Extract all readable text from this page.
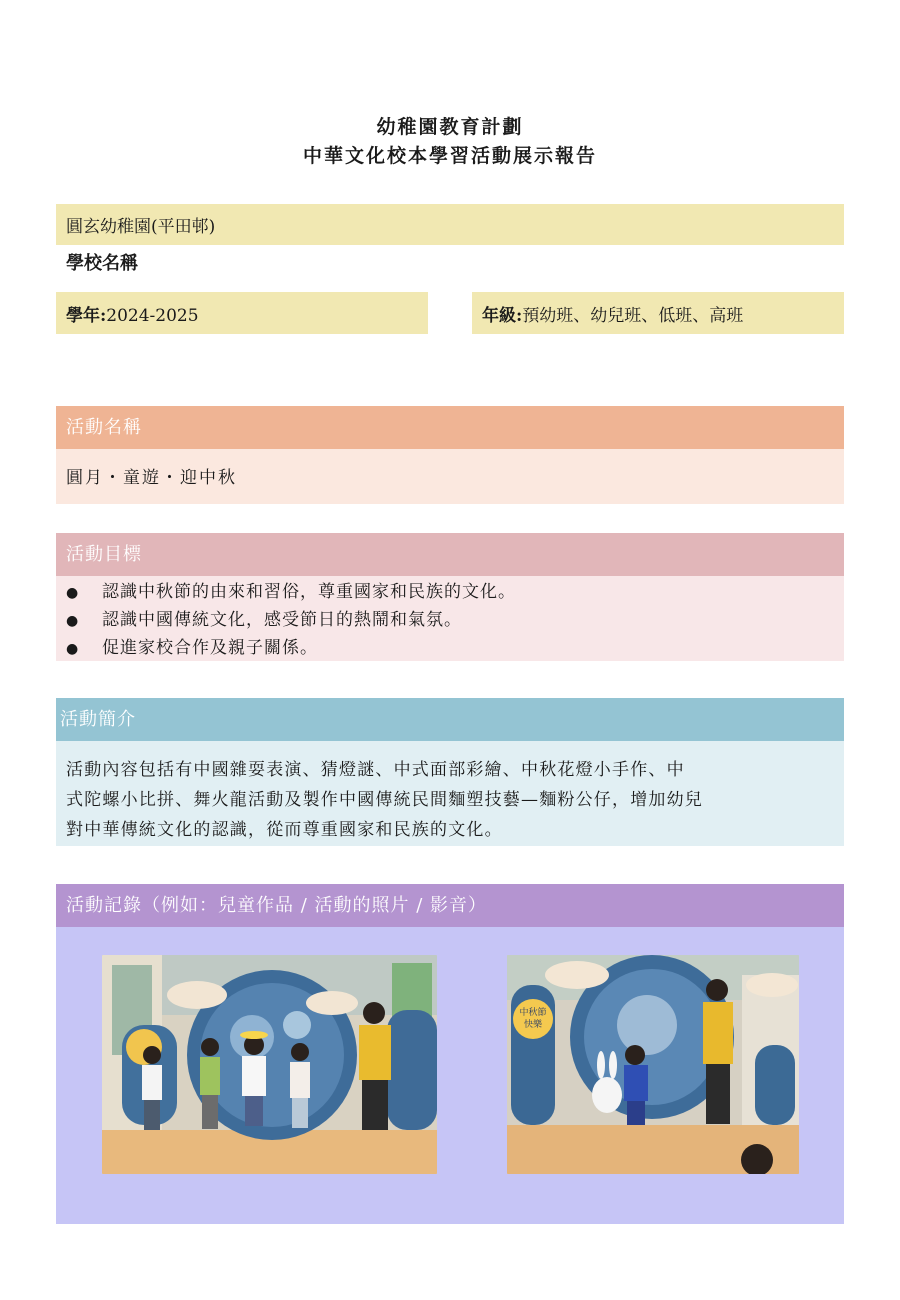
幼稚園教育計劃
中華文化校本學習活動展示報告
圓玄幼稚園(平田邨)
學校名稱
學年:2024-2025	年級:預幼班、幼兒班、低班、高班
活動名稱
圓月・童遊・迎中秋
活動目標
● 認識中秋節的由來和習俗，尊重國家和民族的文化。
● 認識中國傳統文化，感受節日的熱鬧和氣氛。
● 促進家校合作及親子關係。
活動簡介
活動內容包括有中國雜耍表演、猜燈謎、中式面部彩繪、中秋花燈小手作、中
式陀螺小比拼、舞火龍活動及製作中國傳統民間麵塑技藝—麵粉公仔，增加幼兒
對中華傳統文化的認識，從而尊重國家和民族的文化。
活動記錄（例如：兒童作品 / 活動的照片 / 影音）
中秋節
快樂
